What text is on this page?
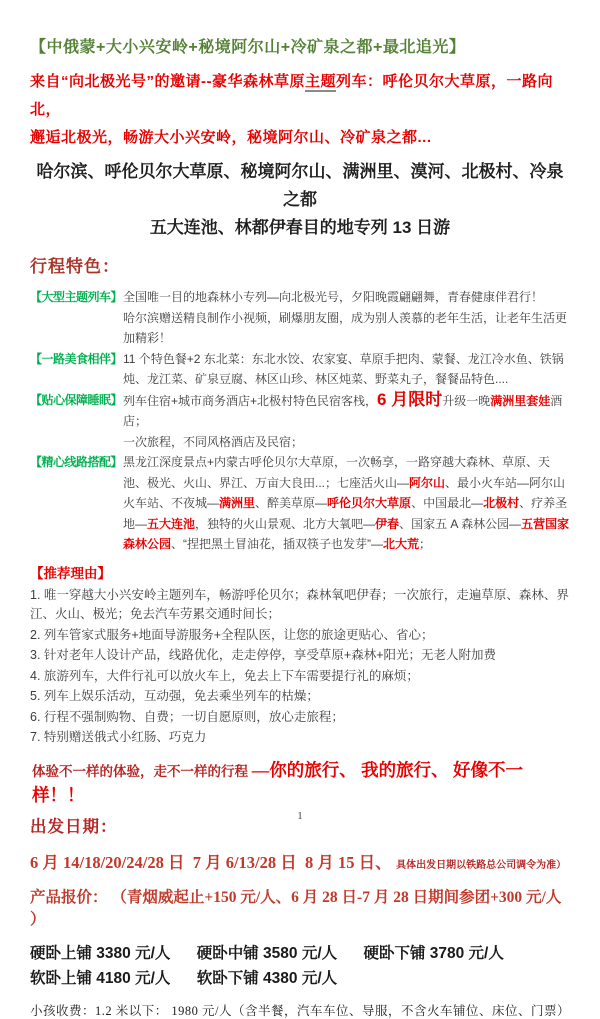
【中俄蒙+大小兴安岭+秘境阿尔山+冷矿泉之都+最北追光】

来自“向北极光号”的邀请--豪华森林草原主题列车：呼伦贝尔大草原，一路向北，
邂逅北极光，畅游大小兴安岭，秘境阿尔山、冷矿泉之都...

哈尔滨、呼伦贝尔大草原、秘境阿尔山、满洲里、漠河、北极村、冷泉之都
五大连池、林都伊春目的地专列 13 日游
行程特色：
【大型主题列车】 全国唯一目的地森林小专列—向北极光号，夕阳晚霞翩翩舞，青春健康伴君行！
哈尔滨赠送精良制作小视频，刷爆朋友圈，成为别人羡慕的老年生活，让老年生活更加精彩！
【一路美食相伴】 11 个特色餐+2 东北菜：东北水饺、农家宴、草原手把肉、蒙餐、龙江冷水鱼、铁锅炖、龙江菜、矿泉豆腐、林区山珍、林区炖菜、野菜丸子，餐餐品特色....
【贴心保障睡眠】 列车住宿+城市商务酒店+北极村特色民宿客栈，6 月限时升级一晚满洲里套娃酒店；
一次旅程，不同风格酒店及民宿；
【精心线路搭配】 黑龙江深度景点+内蒙古呼伦贝尔大草原，一次畅享，一路穿越大森林、草原、天池、极光、火山、界江、万亩大良田...；七座活火山—阿尔山、最小火车站—阿尔山火车站、不夜城—满洲里、醉美草原—呼伦贝尔大草原、中国最北—北极村、疗养圣地—五大连池，独特的火山景观、北方大氧吧—伊春、国家五 A 森林公园—五营国家森林公园、“捏把黑土冒油花，插双筷子也发芽”—北大荒；
【推荐理由】

1. 唯一穿越大小兴安岭主题列车，畅游呼伦贝尔；森林氧吧伊春；一次旅行，走遍草原、森林、界江、火山、极光；免去汽车劳累交通时间长；

2. 列车管家式服务+地面导游服务+全程队医，让您的旅途更贴心、省心；

3. 针对老年人设计产品，线路优化，走走停停，享受草原+森林+阳光；无老人附加费

4. 旅游列车，大件行礼可以放火车上，免去上下车需要提行礼的麻烦；

5. 列车上娱乐活动，互动强，免去乘坐列车的枯燥；

6. 行程不强制购物、自费；一切自愿原则，放心走旅程；

7. 特别赠送俄式小红肠、巧克力

体验不一样的体验，走不一样的行程 —你的旅行、 我的旅行、 好像不一样！！
出发日期：
6 月 14/18/20/24/28 日  7 月 6/13/28 日  8 月 15 日、 具体出发日期以铁路总公司调令为准）
产品报价： （青烟威起止+150 元/人、6 月 28 日-7 月 28 日期间参团+300 元/人 ）
硬卧上铺 3380 元/人 硬卧中铺 3580 元/人 硬卧下铺 3780 元/人
软卧上铺 4180 元/人 软卧下铺 4380 元/人

小孩收费：1.2 米以下： 1980 元/人（含半餐，汽车车位、导服，不含火车铺位、床位、门票）

1
